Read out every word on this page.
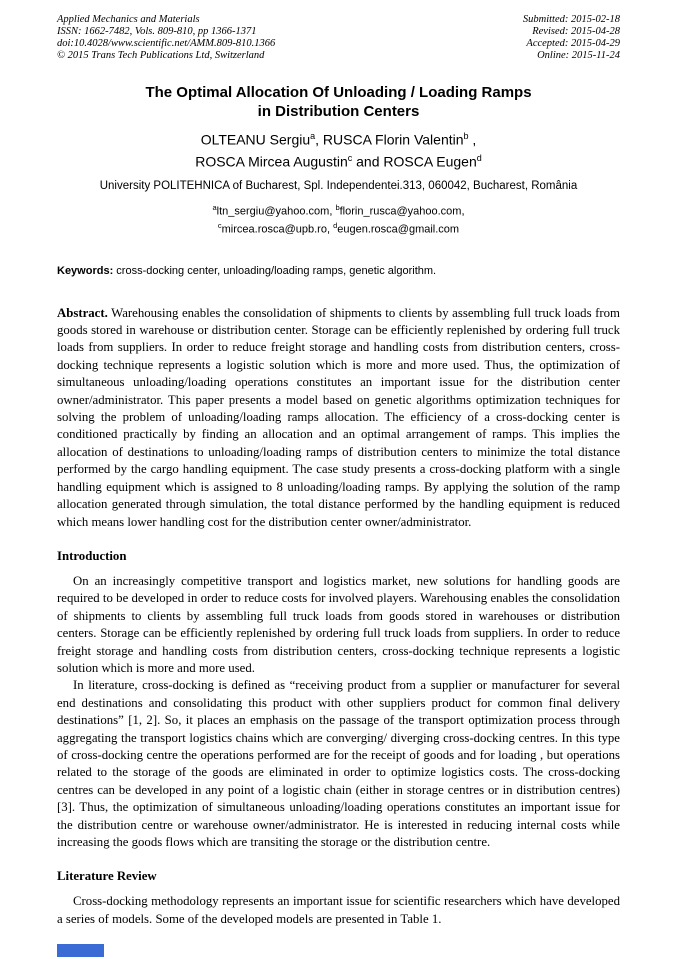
Applied Mechanics and Materials
ISSN: 1662-7482, Vols. 809-810, pp 1366-1371
doi:10.4028/www.scientific.net/AMM.809-810.1366
© 2015 Trans Tech Publications Ltd, Switzerland
Submitted: 2015-02-18
Revised: 2015-04-28
Accepted: 2015-04-29
Online: 2015-11-24
The Optimal Allocation Of Unloading / Loading Ramps
in Distribution Centers
OLTEANU Sergiu$^a$, RUSCA Florin Valentin$^b$ ,
ROSCA Mircea Augustin$^c$ and ROSCA Eugen$^d$
University POLITEHNICA of Bucharest, Spl. Independentei.313, 060042, Bucharest, România
$^a$ltn_sergiu@yahoo.com, $^b$florin_rusca@yahoo.com,
$^c$mircea.rosca@upb.ro, $^d$eugen.rosca@gmail.com
Keywords: cross-docking center, unloading/loading ramps, genetic algorithm.
Abstract. Warehousing enables the consolidation of shipments to clients by assembling full truck loads from goods stored in warehouse or distribution center. Storage can be efficiently replenished by ordering full truck loads from suppliers. In order to reduce freight storage and handling costs from distribution centers, cross-docking technique represents a logistic solution which is more and more used. Thus, the optimization of simultaneous unloading/loading operations constitutes an important issue for the distribution center owner/administrator. This paper presents a model based on genetic algorithms optimization techniques for solving the problem of unloading/loading ramps allocation. The efficiency of a cross-docking center is conditioned practically by finding an allocation and an optimal arrangement of ramps. This implies the allocation of destinations to unloading/loading ramps of distribution centers to minimize the total distance performed by the cargo handling equipment. The case study presents a cross-docking platform with a single handling equipment which is assigned to 8 unloading/loading ramps. By applying the solution of the ramp allocation generated through simulation, the total distance performed by the handling equipment is reduced which means lower handling cost for the distribution center owner/administrator.
Introduction

On an increasingly competitive transport and logistics market, new solutions for handling goods are required to be developed in order to reduce costs for involved players. Warehousing enables the consolidation of shipments to clients by assembling full truck loads from goods stored in warehouses or distribution centers. Storage can be efficiently replenished by ordering full truck loads from suppliers. In order to reduce freight storage and handling costs from distribution centers, cross-docking technique represents a logistic solution which is more and more used.

In literature, cross-docking is defined as “receiving product from a supplier or manufacturer for several end destinations and consolidating this product with other suppliers product for common final delivery destinations” [1, 2]. So, it places an emphasis on the passage of the transport optimization process through aggregating the transport logistics chains which are converging/ diverging cross-docking centres. In this type of cross-docking centre the operations performed are for the receipt of goods and for loading , but operations related to the storage of the goods are eliminated in order to optimize logistics costs. The cross-docking centres can be developed in any point of a logistic chain (either in storage centres or in distribution centres) [3]. Thus, the optimization of simultaneous unloading/loading operations constitutes an important issue for the distribution centre or warehouse owner/administrator. He is interested in reducing internal costs while increasing the goods flows which are transiting the storage or the distribution centre.

Literature Review

Cross-docking methodology represents an important issue for scientific researchers which have developed a series of models. Some of the developed models are presented in Table 1.
